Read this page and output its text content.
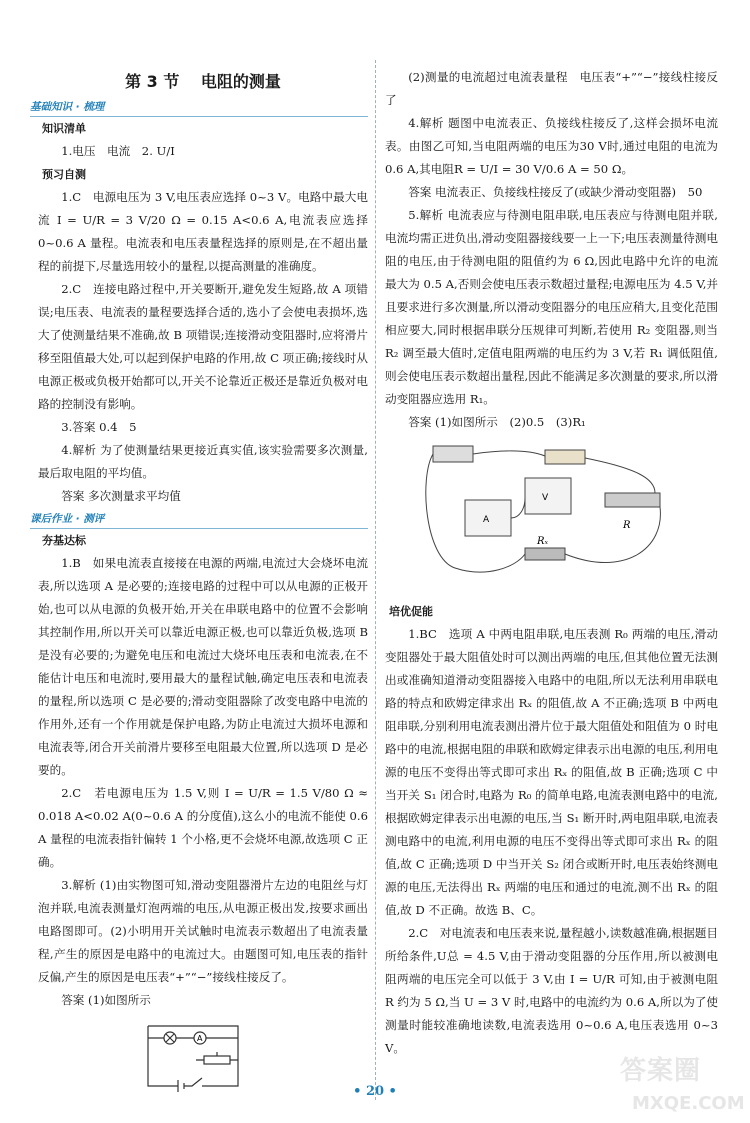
第 3 节 电阻的测量
基础知识 · 梳理
知识清单

1.电压　电流　2. U/I

预习自测

1.C　电源电压为 3 V,电压表应选择 0~3 V。电路中最大电流 I = U/R = 3 V/20 Ω = 0.15 A<0.6 A,电流表应选择 0~0.6 A 量程。电流表和电压表量程选择的原则是,在不超出量程的前提下,尽量选用较小的量程,以提高测量的准确度。

2.C　连接电路过程中,开关要断开,避免发生短路,故 A 项错误;电压表、电流表的量程要选择合适的,选小了会使电表损坏,选大了使测量结果不准确,故 B 项错误;连接滑动变阻器时,应将滑片移至阻值最大处,可以起到保护电路的作用,故 C 项正确;接线时从电源正极或负极开始都可以,开关不论靠近正极还是靠近负极对电路的控制没有影响。

3.答案 0.4　5

4.解析 为了使测量结果更接近真实值,该实验需要多次测量,最后取电阻的平均值。

答案 多次测量求平均值

课后作业 · 测评
夯基达标

1.B　如果电流表直接接在电源的两端,电流过大会烧坏电流表,所以选项 A 是必要的;连接电路的过程中可以从电源的正极开始,也可以从电源的负极开始,开关在串联电路中的位置不会影响其控制作用,所以开关可以靠近电源正极,也可以靠近负极,选项 B 是没有必要的;为避免电压和电流过大烧坏电压表和电流表,在不能估计电压和电流时,要用最大的量程试触,确定电压表和电流表的量程,所以选项 C 是必要的;滑动变阻器除了改变电路中电流的作用外,还有一个作用就是保护电路,为防止电流过大损坏电源和电流表等,闭合开关前滑片要移至电阻最大位置,所以选项 D 是必要的。

2.C　若电源电压为 1.5 V,则 I = U/R = 1.5 V/80 Ω ≈ 0.018 A<0.02 A(0~0.6 A 的分度值),这么小的电流不能使 0.6 A 量程的电流表指针偏转 1 个小格,更不会烧坏电源,故选项 C 正确。

3.解析 (1)由实物图可知,滑动变阻器滑片左边的电阻丝与灯泡并联,电流表测量灯泡两端的电压,从电源正极出发,按要求画出电路图即可。(2)小明用开关试触时电流表示数超出了电流表量程,产生的原因是电路中的电流过大。由题图可知,电压表的指针反偏,产生的原因是电压表“+”“−”接线柱接反了。

答案 (1)如图所示

A

(2)测量的电流超过电流表量程　电压表“+”“−”接线柱接反了

4.解析 题图中电流表正、负接线柱接反了,这样会损坏电流表。由图乙可知,当电阻两端的电压为30 V时,通过电阻的电流为 0.6 A,其电阻R = U/I = 30 V/0.6 A = 50 Ω。

答案 电流表正、负接线柱接反了(或缺少滑动变阻器)　50

5.解析 电流表应与待测电阻串联,电压表应与待测电阻并联,电流均需正进负出,滑动变阻器接线要一上一下;电压表测量待测电阻的电压,由于待测电阻的阻值约为 6 Ω,因此电路中允许的电流最大为 0.5 A,否则会使电压表示数超过量程;电源电压为 4.5 V,并且要求进行多次测量,所以滑动变阻器分的电压应稍大,且变化范围相应要大,同时根据串联分压规律可判断,若使用 R₂ 变阻器,则当 R₂ 调至最大值时,定值电阻两端的电压约为 3 V,若 R₁ 调低阻值,则会使电压表示数超出量程,因此不能满足多次测量的要求,所以滑动变阻器应选用 R₁。

答案 (1)如图所示　(2)0.5　(3)R₁

V
A	R
Rₓ
培优促能

1.BC　选项 A 中两电阻串联,电压表测 R₀ 两端的电压,滑动变阻器处于最大阻值处时可以测出两端的电压,但其他位置无法测出或准确知道滑动变阻器接入电路中的电阻,所以无法利用串联电路的特点和欧姆定律求出 Rₓ 的阻值,故 A 不正确;选项 B 中两电阻串联,分别利用电流表测出滑片位于最大阻值处和阻值为 0 时电路中的电流,根据电阻的串联和欧姆定律表示出电源的电压,利用电源的电压不变得出等式即可求出 Rₓ 的阻值,故 B 正确;选项 C 中当开关 S₁ 闭合时,电路为 R₀ 的简单电路,电流表测电路中的电流,根据欧姆定律表示出电源的电压,当 S₁ 断开时,两电阻串联,电流表测电路中的电流,利用电源的电压不变得出等式即可求出 Rₓ 的阻值,故 C 正确;选项 D 中当开关 S₂ 闭合或断开时,电压表始终测电源的电压,无法得出 Rₓ 两端的电压和通过的电流,测不出 Rₓ 的阻值,故 D 不正确。故选 B、C。

2.C　对电流表和电压表来说,量程越小,读数越准确,根据题目所给条件,U总 = 4.5 V,由于滑动变阻器的分压作用,所以被测电阻两端的电压完全可以低于 3 V,由 I = U/R 可知,由于被测电阻 R 约为 5 Ω,当 U = 3 V 时,电路中的电流约为 0.6 A,所以为了使测量时能较准确地读数,电流表选用 0~0.6 A,电压表选用 0~3 V。

• 20 •
答案圈
MXQE.COM
